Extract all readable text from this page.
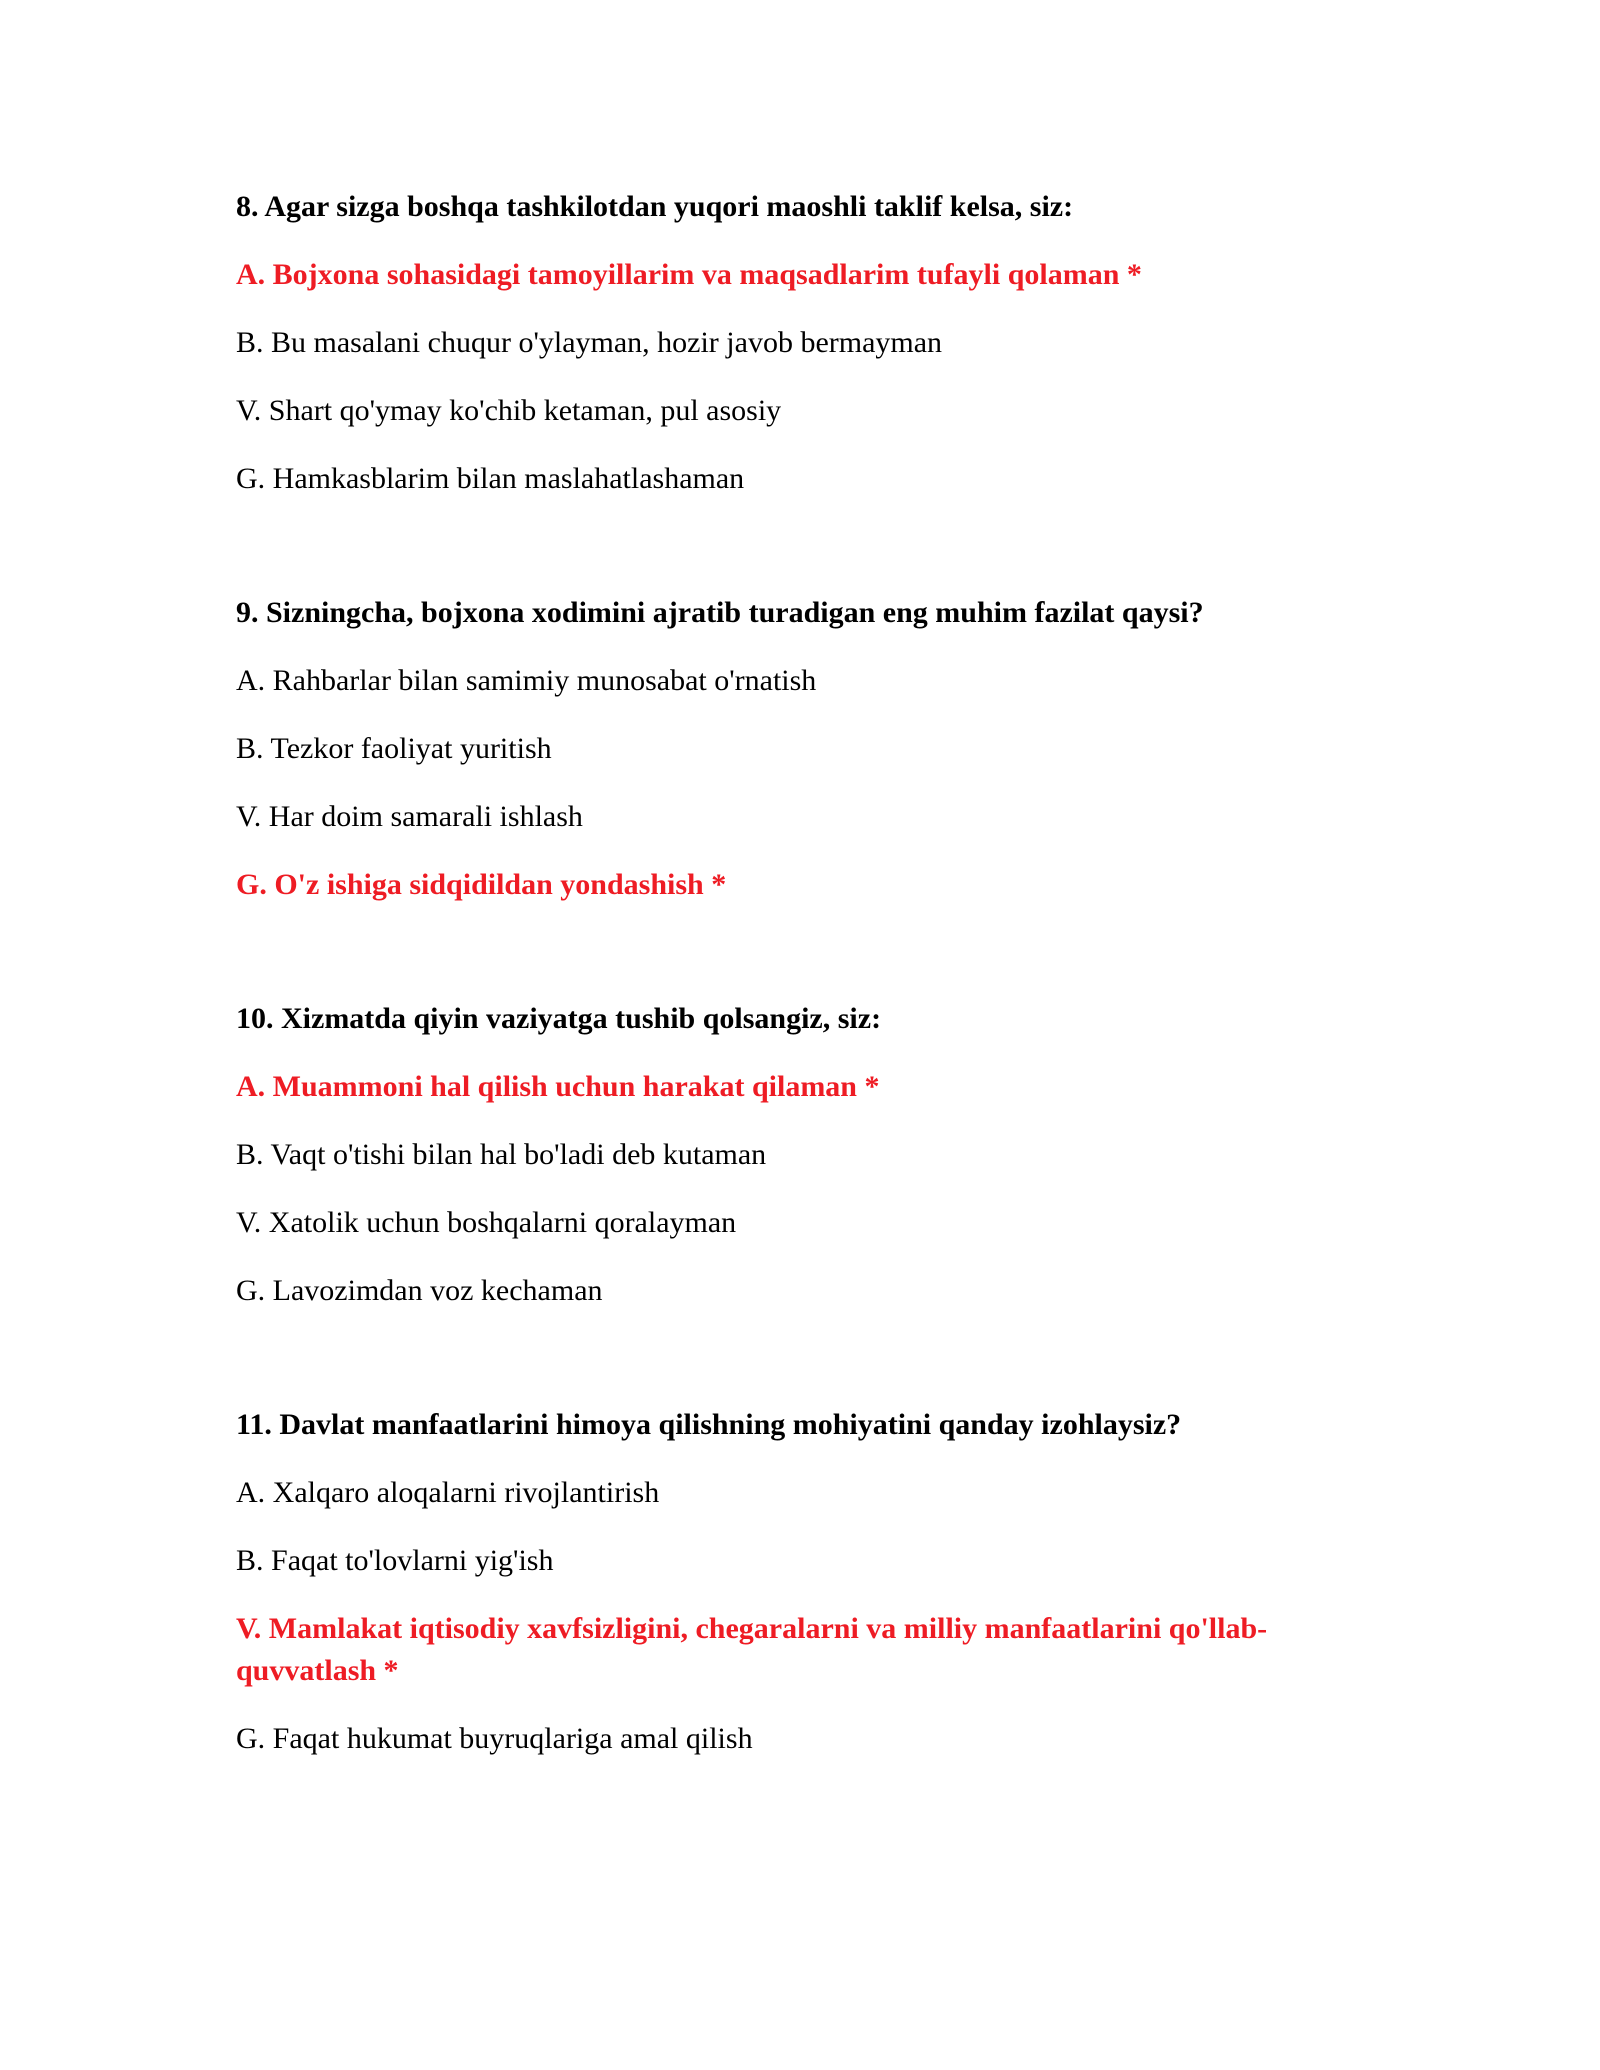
8. Agar sizga boshqa tashkilotdan yuqori maoshli taklif kelsa, siz:

A. Bojxona sohasidagi tamoyillarim va maqsadlarim tufayli qolaman *

B. Bu masalani chuqur o'ylayman, hozir javob bermayman

V. Shart qo'ymay ko'chib ketaman, pul asosiy

G. Hamkasblarim bilan maslahatlashaman

9. Sizningcha, bojxona xodimini ajratib turadigan eng muhim fazilat qaysi?

A. Rahbarlar bilan samimiy munosabat o'rnatish

B. Tezkor faoliyat yuritish

V. Har doim samarali ishlash

G. O'z ishiga sidqidildan yondashish *

10. Xizmatda qiyin vaziyatga tushib qolsangiz, siz:

A. Muammoni hal qilish uchun harakat qilaman *

B. Vaqt o'tishi bilan hal bo'ladi deb kutaman

V. Xatolik uchun boshqalarni qoralayman

G. Lavozimdan voz kechaman

11. Davlat manfaatlarini himoya qilishning mohiyatini qanday izohlaysiz?

A. Xalqaro aloqalarni rivojlantirish

B. Faqat to'lovlarni yig'ish

V. Mamlakat iqtisodiy xavfsizligini, chegaralarni va milliy manfaatlarini qo'llab-quvvatlash *

G. Faqat hukumat buyruqlariga amal qilish
